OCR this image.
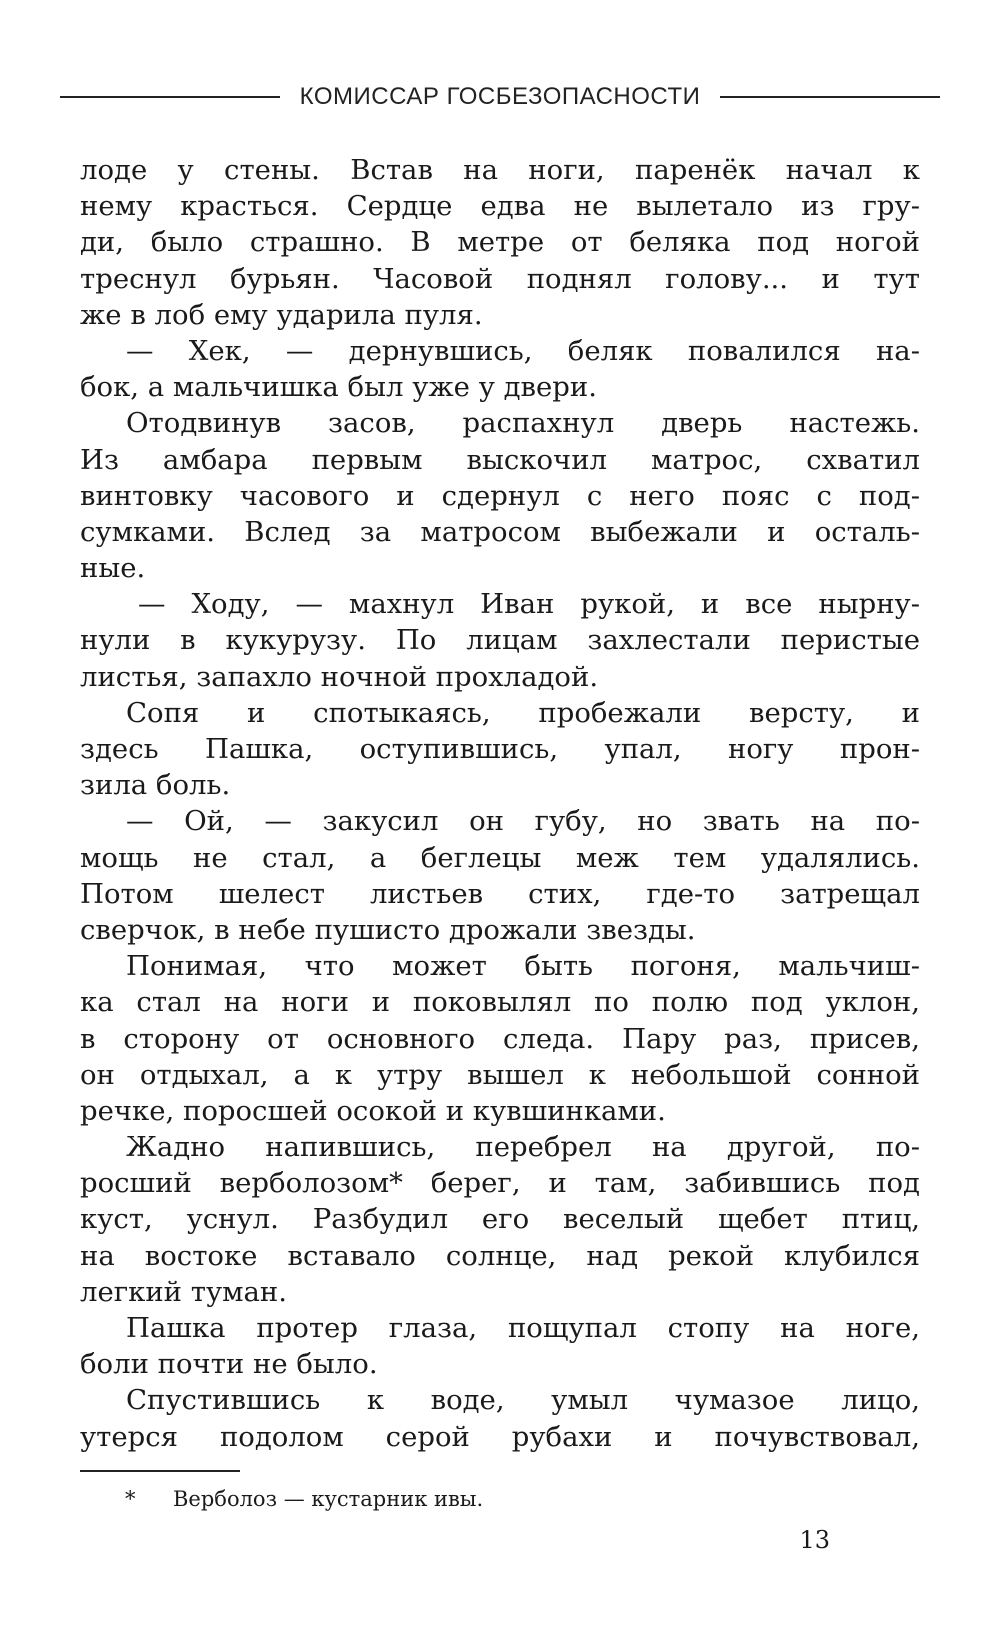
КОМИССАР ГОСБЕЗОПАСНОСТИ
лоде у стены. Встав на ноги, паренёк начал к
нему красться. Сердце едва не вылетало из гру-
ди, было страшно. В метре от беляка под ногой
треснул бурьян. Часовой поднял голову... и тут
же в лоб ему ударила пуля.
— Хек, — дернувшись, беляк повалился на-
бок, а мальчишка был уже у двери.
Отодвинув засов, распахнул дверь настежь.
Из амбара первым выскочил матрос, схватил
винтовку часового и сдернул с него пояс с под-
сумками. Вслед за матросом выбежали и осталь-
ные.
— Ходу, — махнул Иван рукой, и все нырну-
нули в кукурузу. По лицам захлестали перистые
листья, запахло ночной прохладой.
Сопя и спотыкаясь, пробежали версту, и
здесь Пашка, оступившись, упал, ногу прон-
зила боль.
— Ой, — закусил он губу, но звать на по-
мощь не стал, а беглецы меж тем удалялись.
Потом шелест листьев стих, где-то затрещал
сверчок, в небе пушисто дрожали звезды.
Понимая, что может быть погоня, мальчиш-
ка стал на ноги и поковылял по полю под уклон,
в сторону от основного следа. Пару раз, присев,
он отдыхал, а к утру вышел к небольшой сонной
речке, поросшей осокой и кувшинками.
Жадно напившись, перебрел на другой, по-
росший верболозом* берег, и там, забившись под
куст, уснул. Разбудил его веселый щебет птиц,
на востоке вставало солнце, над рекой клубился
легкий туман.
Пашка протер глаза, пощупал стопу на ноге,
боли почти не было.
Спустившись к воде, умыл чумазое лицо,
утерся подолом серой рубахи и почувствовал,
* Верболоз — кустарник ивы.
13
